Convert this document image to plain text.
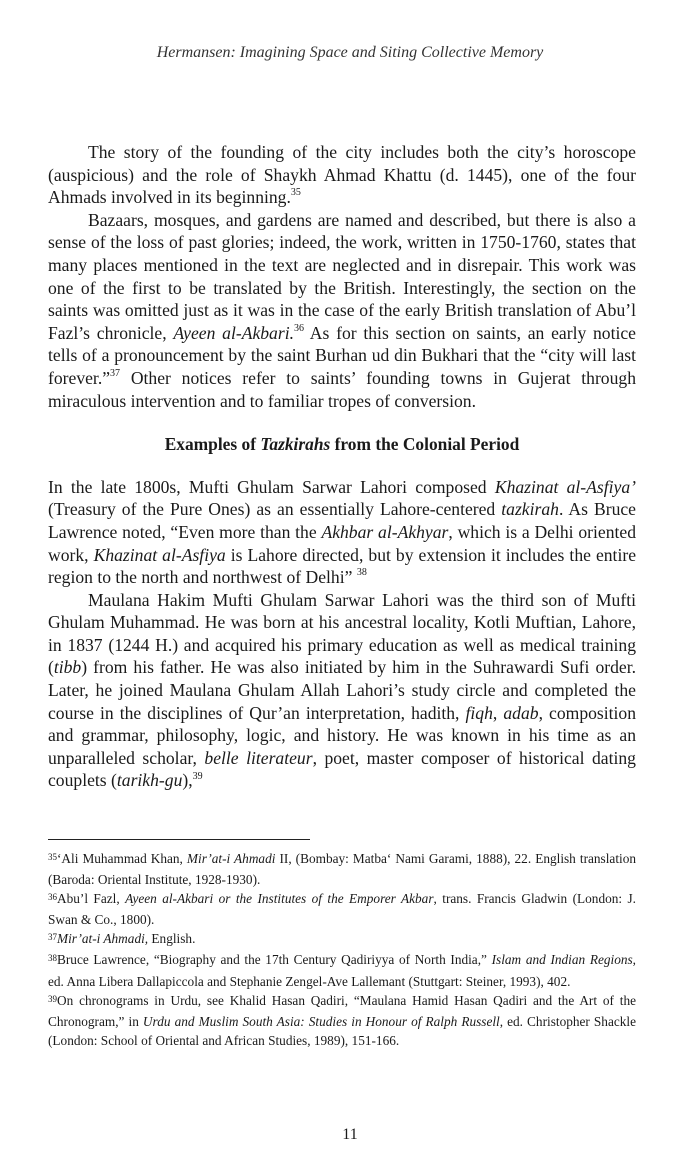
Hermansen: Imagining Space and Siting Collective Memory

The story of the founding of the city includes both the city’s horoscope (auspicious) and the role of Shaykh Ahmad Khattu (d. 1445), one of the four Ahmads involved in its beginning.$^{35}$

Bazaars, mosques, and gardens are named and described, but there is also a sense of the loss of past glories; indeed, the work, written in 1750-1760, states that many places mentioned in the text are neglected and in disrepair. This work was one of the first to be translated by the British. Interestingly, the section on the saints was omitted just as it was in the case of the early British translation of Abu’l Fazl’s chronicle, Ayeen al-Akbari.$^{36}$ As for this section on saints, an early notice tells of a pronouncement by the saint Burhan ud din Bukhari that the “city will last forever.”$^{37}$ Other notices refer to saints’ founding towns in Gujerat through miraculous intervention and to familiar tropes of conversion.

Examples of Tazkirahs from the Colonial Period

In the late 1800s, Mufti Ghulam Sarwar Lahori composed Khazinat al-Asfiya’ (Treasury of the Pure Ones) as an essentially Lahore-centered tazkirah. As Bruce Lawrence noted, “Even more than the Akhbar al-Akhyar, which is a Delhi oriented work, Khazinat al-Asfiya is Lahore directed, but by extension it includes the entire region to the north and northwest of Delhi” $^{38}$

Maulana Hakim Mufti Ghulam Sarwar Lahori was the third son of Mufti Ghulam Muhammad. He was born at his ancestral locality, Kotli Muftian, Lahore, in 1837 (1244 H.) and acquired his primary education as well as medical training (tibb) from his father. He was also initiated by him in the Suhrawardi Sufi order. Later, he joined Maulana Ghulam Allah Lahori’s study circle and completed the course in the disciplines of Qur’an interpretation, hadith, fiqh, adab, composition and grammar, philosophy, logic, and history. He was known in his time as an unparalleled scholar, belle literateur, poet, master composer of historical dating couplets (tarikh-gu),$^{39}$

$^{35}$‘Ali Muhammad Khan, Mir’at-i Ahmadi II, (Bombay: Matba‘ Nami Garami, 1888), 22. English translation (Baroda: Oriental Institute, 1928-1930).

$^{36}$Abu’l Fazl, Ayeen al-Akbari or the Institutes of the Emporer Akbar, trans. Francis Gladwin (London: J. Swan & Co., 1800).

$^{37}$Mir’at-i Ahmadi, English.

$^{38}$Bruce Lawrence, “Biography and the 17th Century Qadiriyya of North India,” Islam and Indian Regions, ed. Anna Libera Dallapiccola and Stephanie Zengel-Ave Lallemant (Stuttgart: Steiner, 1993), 402.

$^{39}$On chronograms in Urdu, see Khalid Hasan Qadiri, “Maulana Hamid Hasan Qadiri and the Art of the Chronogram,” in Urdu and Muslim South Asia: Studies in Honour of Ralph Russell, ed. Christopher Shackle (London: School of Oriental and African Studies, 1989), 151-166.

11
